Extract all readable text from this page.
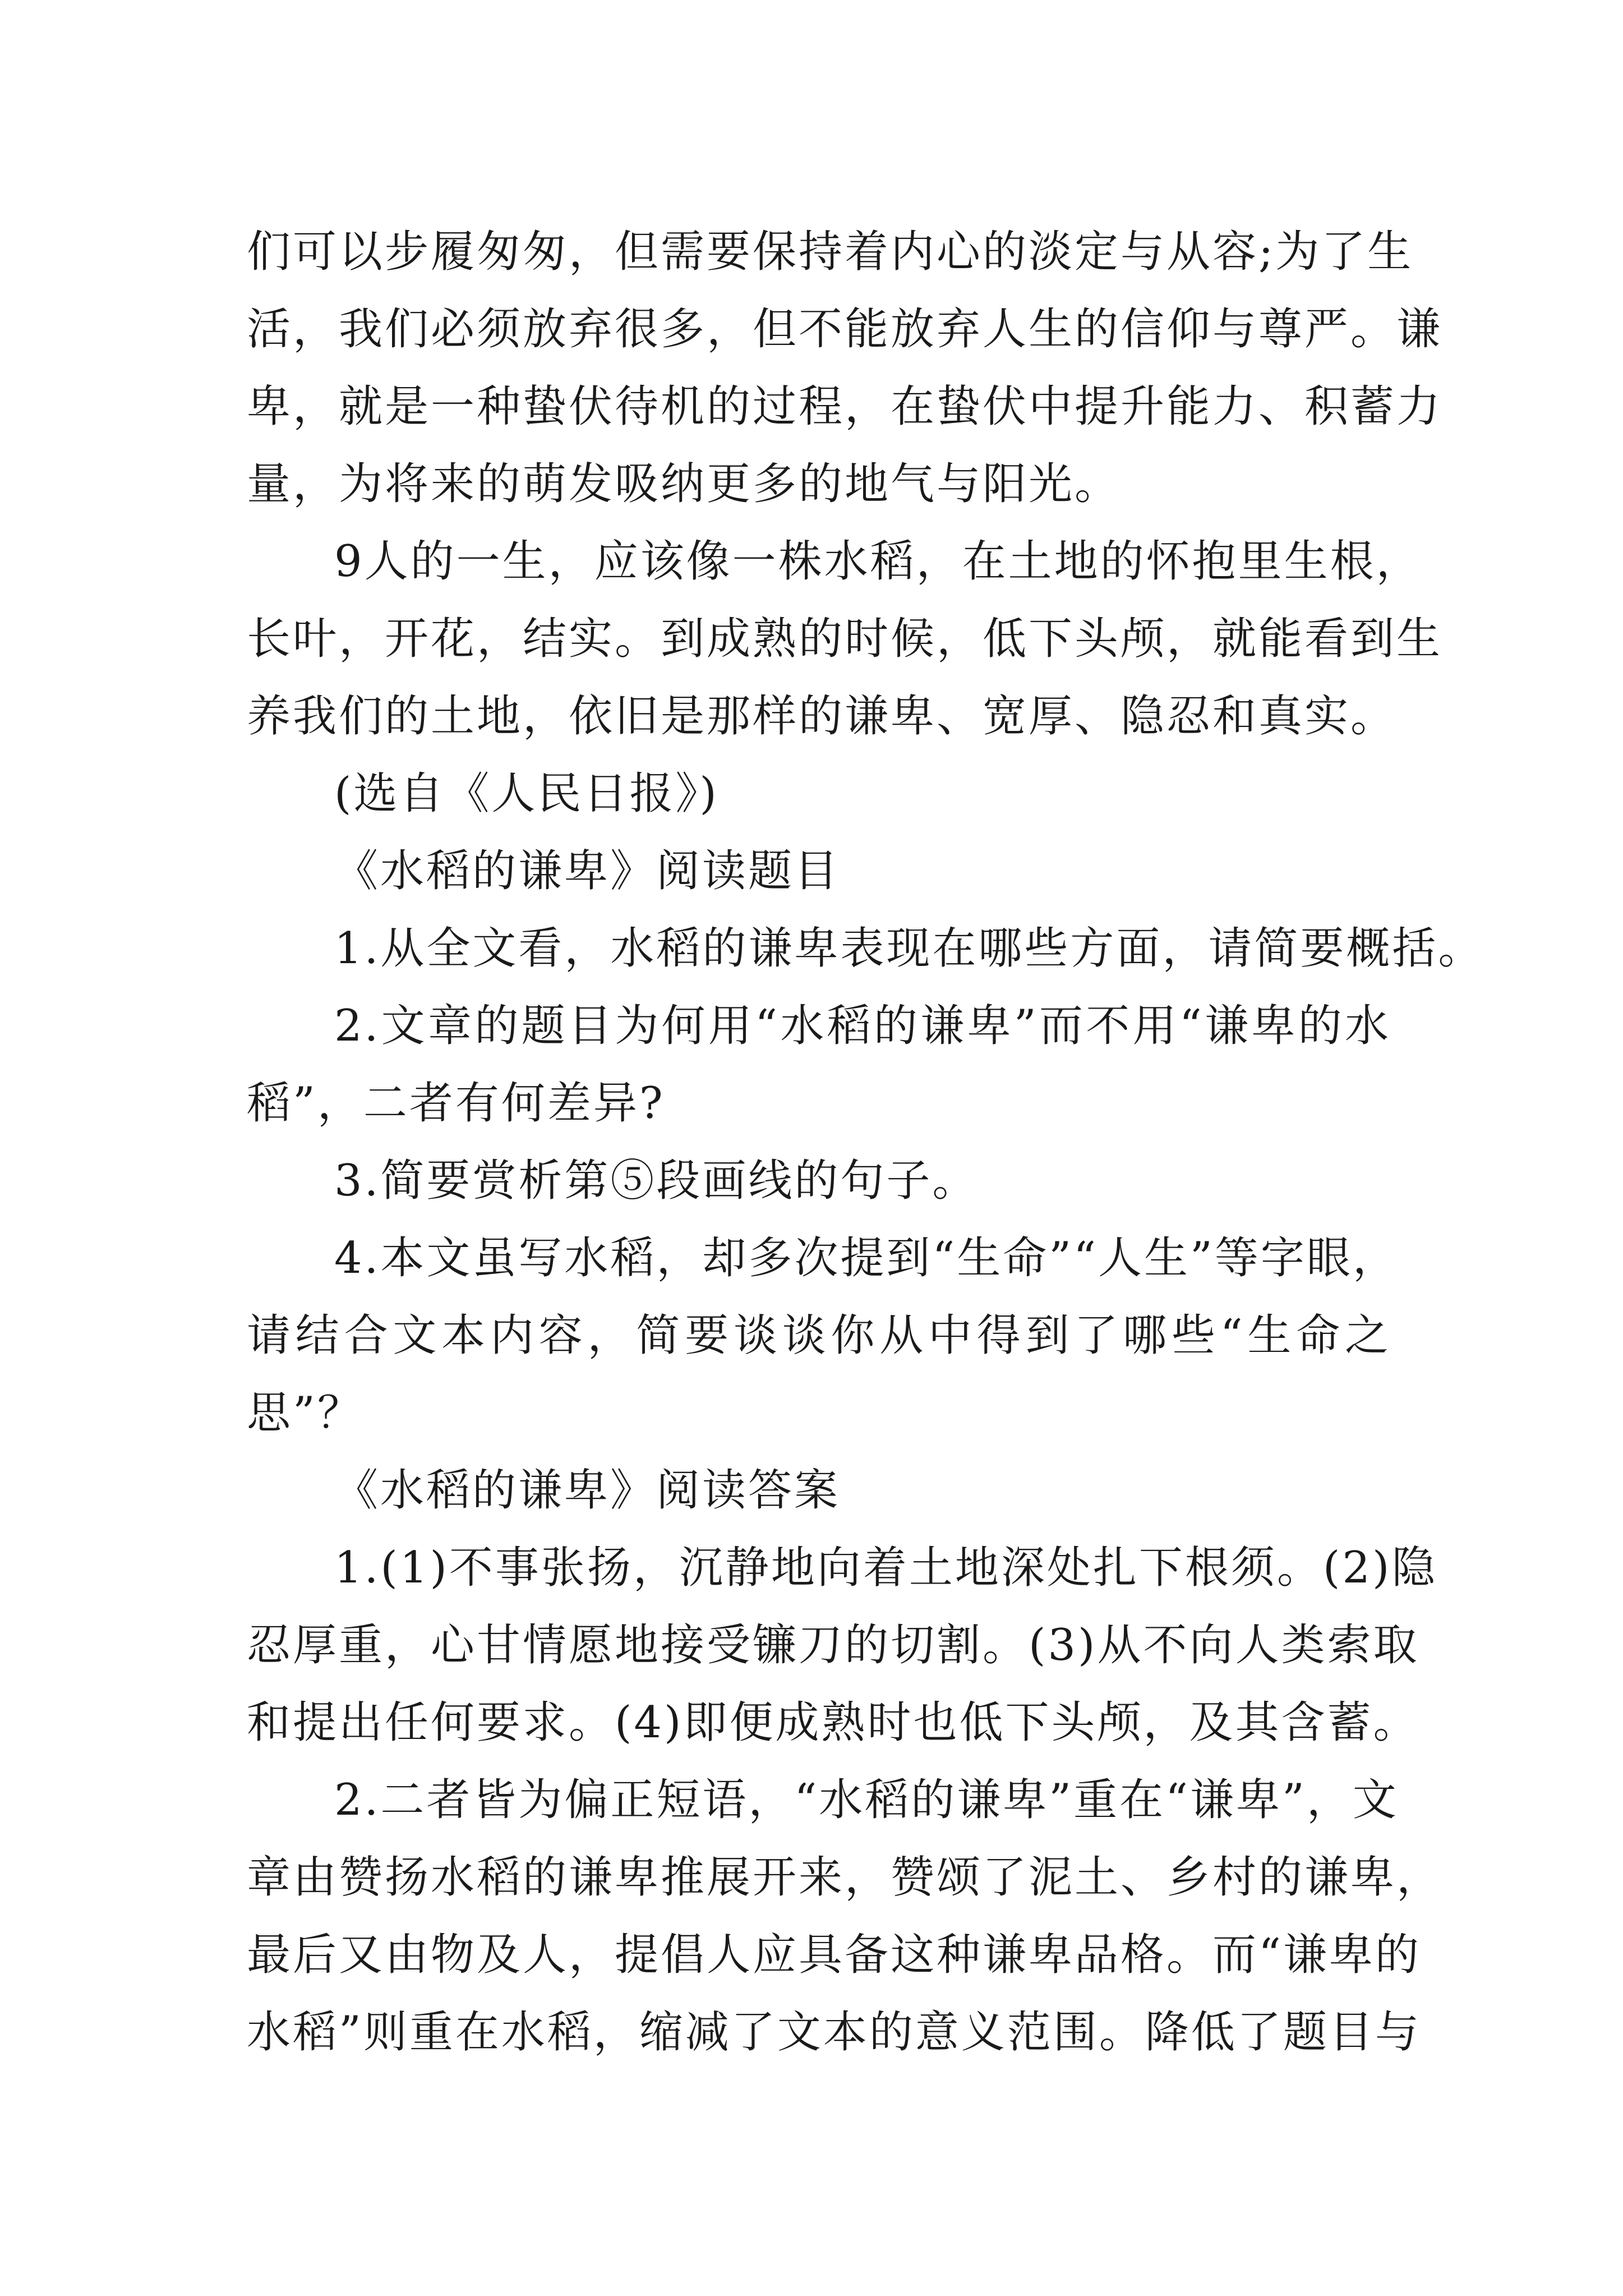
们可以步履匆匆，但需要保持着内心的淡定与从容;为了生
活，我们必须放弃很多，但不能放弃人生的信仰与尊严。谦
卑，就是一种蛰伏待机的过程，在蛰伏中提升能力、积蓄力
量，为将来的萌发吸纳更多的地气与阳光。
9人的一生，应该像一株水稻，在土地的怀抱里生根，
长叶，开花，结实。到成熟的时候，低下头颅，就能看到生
养我们的土地，依旧是那样的谦卑、宽厚、隐忍和真实。
(选自《人民日报》)
《水稻的谦卑》阅读题目
1.从全文看，水稻的谦卑表现在哪些方面，请简要概括。
2.文章的题目为何用“水稻的谦卑”而不用“谦卑的水
稻”，二者有何差异?
3.简要赏析第⑤段画线的句子。
4.本文虽写水稻，却多次提到“生命”“人生”等字眼，
请结合文本内容，简要谈谈你从中得到了哪些“生命之
思”？
《水稻的谦卑》阅读答案
1.(1)不事张扬，沉静地向着土地深处扎下根须。(2)隐
忍厚重，心甘情愿地接受镰刀的切割。(3)从不向人类索取
和提出任何要求。(4)即便成熟时也低下头颅，及其含蓄。
2.二者皆为偏正短语，“水稻的谦卑”重在“谦卑”，文
章由赞扬水稻的谦卑推展开来，赞颂了泥土、乡村的谦卑，
最后又由物及人，提倡人应具备这种谦卑品格。而“谦卑的
水稻”则重在水稻，缩减了文本的意义范围。降低了题目与
